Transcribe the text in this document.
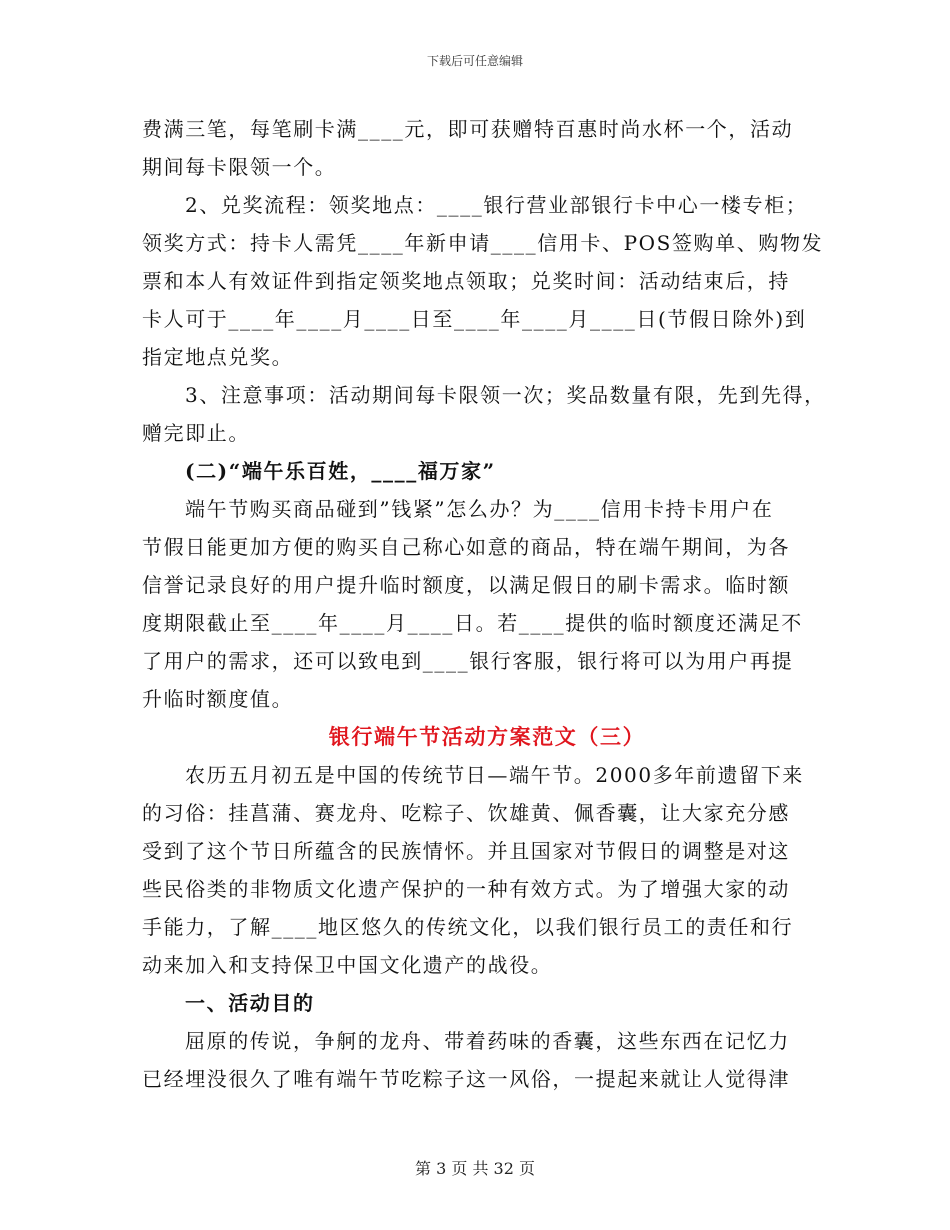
下载后可任意编辑
费满三笔，每笔刷卡满____元，即可获赠特百惠时尚水杯一个，活动
期间每卡限领一个。
2、兑奖流程：领奖地点：____银行营业部银行卡中心一楼专柜；
领奖方式：持卡人需凭____年新申请____信用卡、POS签购单、购物发
票和本人有效证件到指定领奖地点领取；兑奖时间：活动结束后，持
卡人可于____年____月____日至____年____月____日(节假日除外)到
指定地点兑奖。
3、注意事项：活动期间每卡限领一次；奖品数量有限，先到先得，
赠完即止。
(二)“端午乐百姓，____福万家”
端午节购买商品碰到”钱紧”怎么办？为____信用卡持卡用户在
节假日能更加方便的购买自己称心如意的商品，特在端午期间，为各
信誉记录良好的用户提升临时额度，以满足假日的刷卡需求。临时额
度期限截止至____年____月____日。若____提供的临时额度还满足不
了用户的需求，还可以致电到____银行客服，银行将可以为用户再提
升临时额度值。
银行端午节活动方案范文（三）
农历五月初五是中国的传统节日—端午节。2000多年前遗留下来
的习俗：挂菖蒲、赛龙舟、吃粽子、饮雄黄、佩香囊，让大家充分感
受到了这个节日所蕴含的民族情怀。并且国家对节假日的调整是对这
些民俗类的非物质文化遗产保护的一种有效方式。为了增强大家的动
手能力，了解____地区悠久的传统文化，以我们银行员工的责任和行
动来加入和支持保卫中国文化遗产的战役。
一、活动目的
屈原的传说，争舸的龙舟、带着药味的香囊，这些东西在记忆力
已经埋没很久了唯有端午节吃粽子这一风俗，一提起来就让人觉得津
第 3 页 共 32 页
